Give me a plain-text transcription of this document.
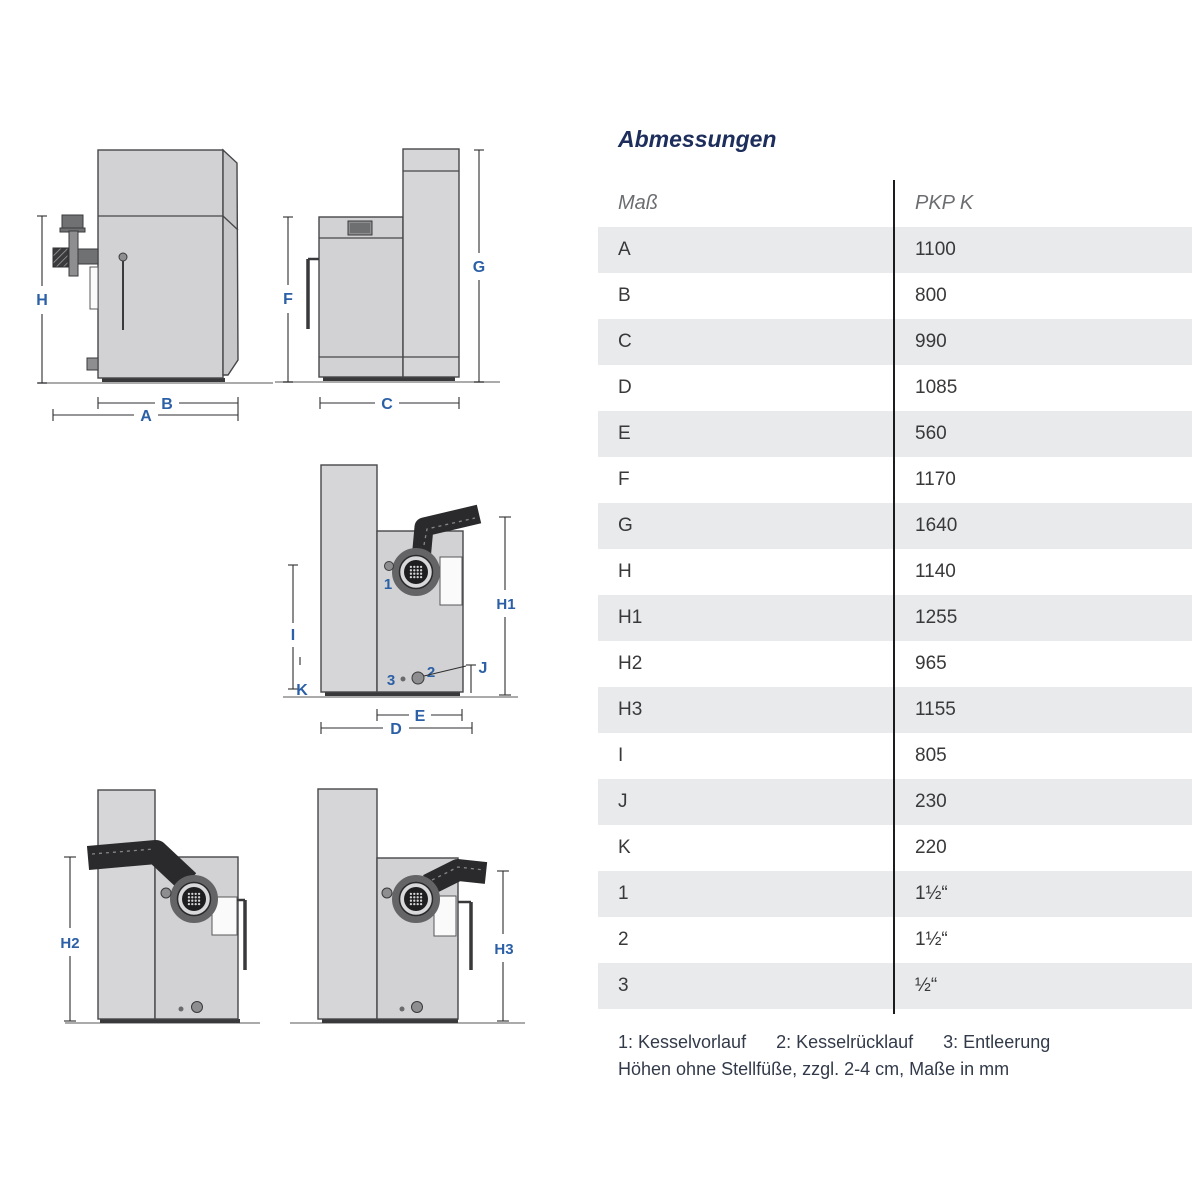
H
B
A
F
G
C
1
3 2	J
I
K
H1
E
D
H2	H3
Abmessungen
Maß	PKP K
A	1100
B	800
C	990
D	1085
E	560
F	1170
G	1640
H	1140
H1	1255
H2	965
H3	1155
I	805
J	230
K	220
1	1½“
2	1½“
3	½“
1: Kesselvorlauf 2: Kesselrücklauf 3: Entleerung
Höhen ohne Stellfüße, zzgl. 2-4 cm, Maße in mm
